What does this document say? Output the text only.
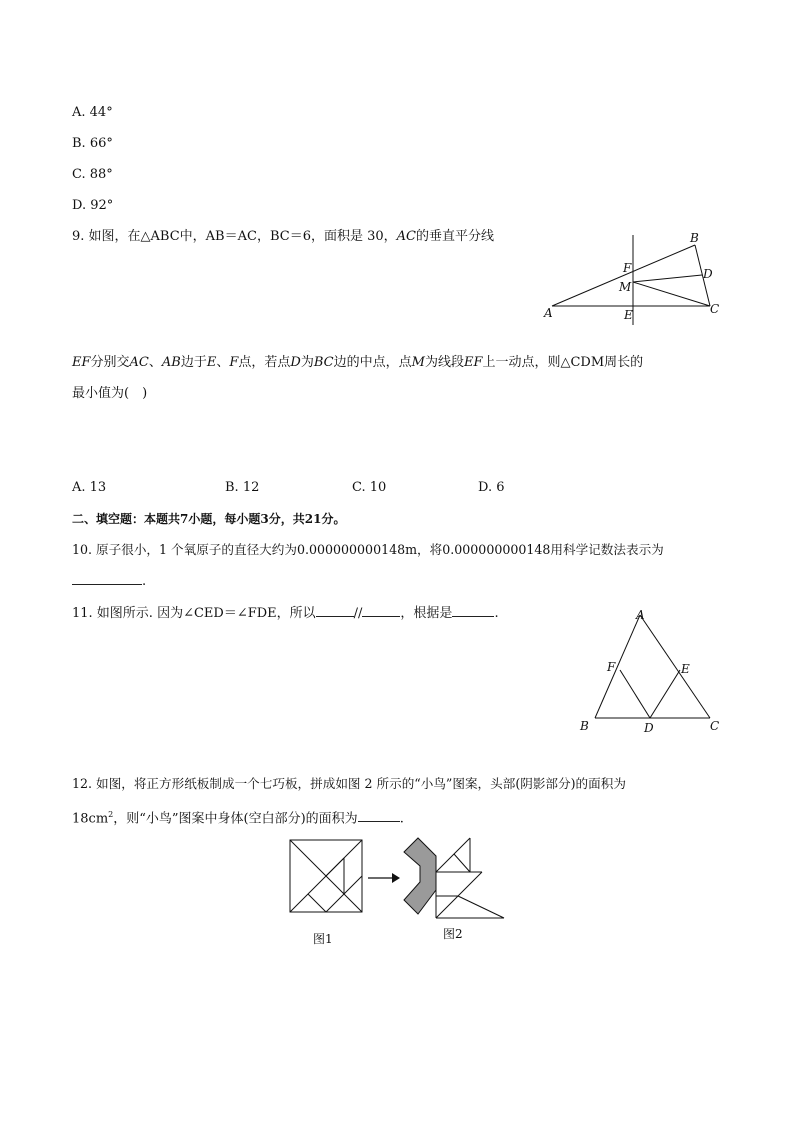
A. 44°
B. 66°
C. 88°
D. 92°
9. 如图，在△ABC中，AB＝AC，BC＝6，面积是 30，AC的垂直平分线	B
F	D
M
A	E	C
EF分别交AC、AB边于E、F点，若点D为BC边的中点，点M为线段EF上一动点，则△CDM周长的
最小值为(　)
A. 13	B. 12	C. 10	D. 6
二、填空题：本题共7小题，每小题3分，共21分。
10. 原子很小，1 个氧原子的直径大约为0.000000000148m，将0.000000000148用科学记数法表示为
.
11. 如图所示. 因为∠CED＝∠FDE，所以	//	，根据是	.	A
F	E
B	D	C
12. 如图，将正方形纸板制成一个七巧板，拼成如图 2 所示的“小鸟”图案，头部(阴影部分)的面积为
$18cm^2$，则“小鸟”图案中身体(空白部分)的面积为	.
图1	图2
